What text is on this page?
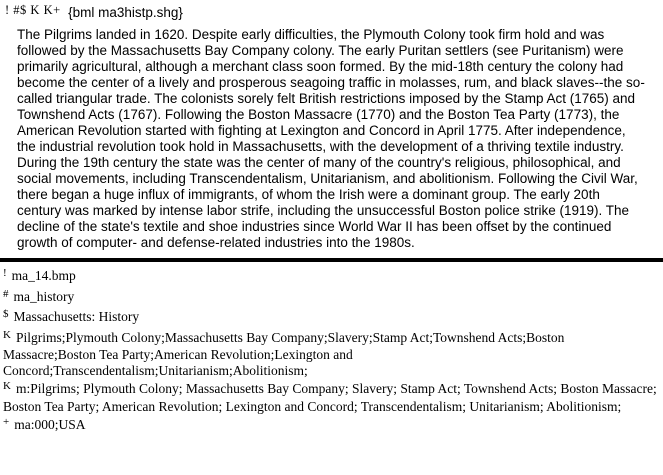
! #$ K K+ {bml ma3histp.shg}
The Pilgrims landed in 1620. Despite early difficulties, the Plymouth Colony took firm hold and was followed by the Massachusetts Bay Company colony. The early Puritan settlers (see Puritanism) were primarily agricultural, although a merchant class soon formed. By the mid-18th century the colony had become the center of a lively and prosperous seagoing traffic in molasses, rum, and black slaves--the so-called triangular trade. The colonists sorely felt British restrictions imposed by the Stamp Act (1765) and Townshend Acts (1767). Following the Boston Massacre (1770) and the Boston Tea Party (1773), the American Revolution started with fighting at Lexington and Concord in April 1775. After independence, the industrial revolution took hold in Massachusetts, with the development of a thriving textile industry. During the 19th century the state was the center of many of the country's religious, philosophical, and social movements, including Transcendentalism, Unitarianism, and abolitionism. Following the Civil War, there began a huge influx of immigrants, of whom the Irish were a dominant group. The early 20th century was marked by intense labor strife, including the unsuccessful Boston police strike (1919). The decline of the state's textile and shoe industries since World War II has been offset by the continued growth of computer- and defense-related industries into the 1980s.
! ma_14.bmp
# ma_history
$ Massachusetts: History
$^K$ Pilgrims;Plymouth Colony;Massachusetts Bay Company;Slavery;Stamp Act;Townshend Acts;Boston Massacre;Boston Tea Party;American Revolution;Lexington and Concord;Transcendentalism;Unitarianism;Abolitionism;
$^K$ m:Pilgrims; Plymouth Colony; Massachusetts Bay Company; Slavery; Stamp Act; Townshend Acts; Boston Massacre; Boston Tea Party; American Revolution; Lexington and Concord; Transcendentalism; Unitarianism; Abolitionism;
+ ma:000;USA
